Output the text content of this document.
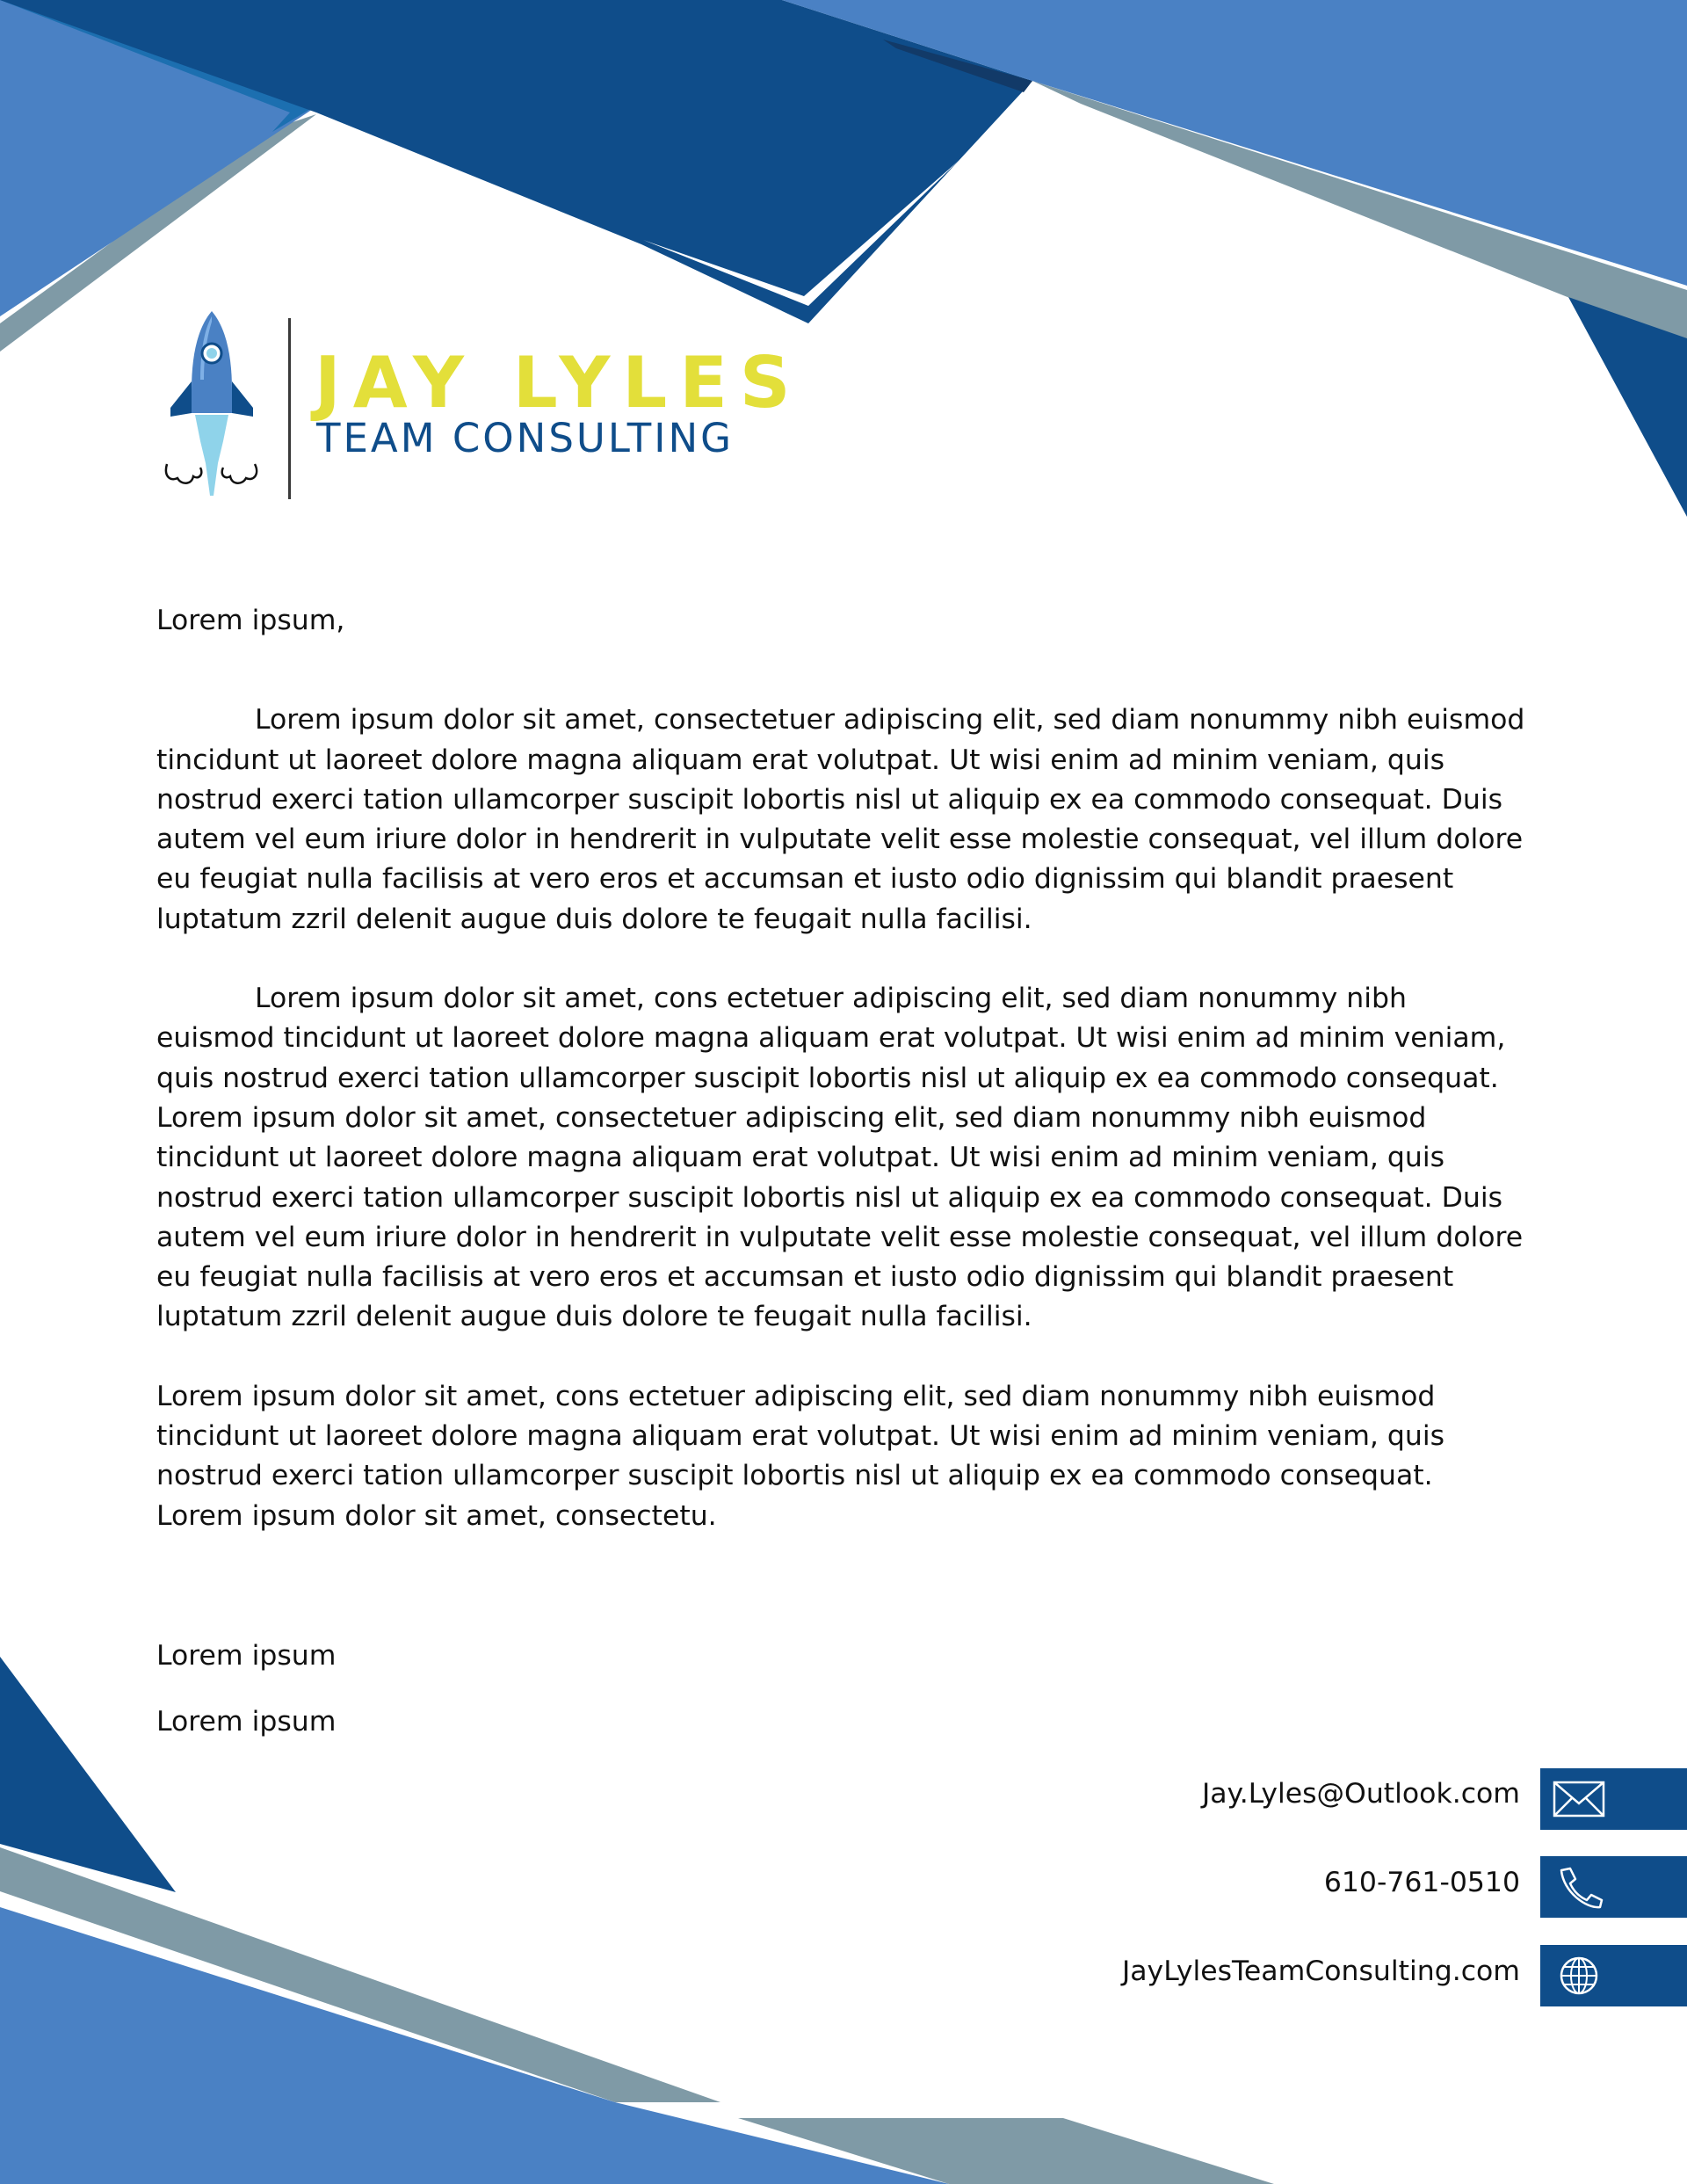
JAY LYLES
TEAM CONSULTING

Lorem ipsum,

Lorem ipsum dolor sit amet, consectetuer adipiscing elit, sed diam nonummy nibh euismod tincidunt ut laoreet dolore magna aliquam erat volutpat. Ut wisi enim ad minim veniam, quis nostrud exerci tation ullamcorper suscipit lobortis nisl ut aliquip ex ea commodo consequat. Duis autem vel eum iriure dolor in hendrerit in vulputate velit esse molestie consequat, vel illum dolore eu feugiat nulla facilisis at vero eros et accumsan et iusto odio dignissim qui blandit praesent luptatum zzril delenit augue duis dolore te feugait nulla facilisi.

Lorem ipsum dolor sit amet, cons ectetuer adipiscing elit, sed diam nonummy nibh euismod tincidunt ut laoreet dolore magna aliquam erat volutpat. Ut wisi enim ad minim veniam, quis nostrud exerci tation ullamcorper suscipit lobortis nisl ut aliquip ex ea commodo consequat. Lorem ipsum dolor sit amet, consectetuer adipiscing elit, sed diam nonummy nibh euismod tincidunt ut laoreet dolore magna aliquam erat volutpat. Ut wisi enim ad minim veniam, quis nostrud exerci tation ullamcorper suscipit lobortis nisl ut aliquip ex ea commodo consequat. Duis autem vel eum iriure dolor in hendrerit in vulputate velit esse molestie consequat, vel illum dolore eu feugiat nulla facilisis at vero eros et accumsan et iusto odio dignissim qui blandit praesent luptatum zzril delenit augue duis dolore te feugait nulla facilisi.

Lorem ipsum dolor sit amet, cons ectetuer adipiscing elit, sed diam nonummy nibh euismod tincidunt ut laoreet dolore magna aliquam erat volutpat. Ut wisi enim ad minim veniam, quis nostrud exerci tation ullamcorper suscipit lobortis nisl ut aliquip ex ea commodo consequat. Lorem ipsum dolor sit amet, consectetu.

Lorem ipsum
Lorem ipsum
Jay.Lyles@Outlook.com
610-761-0510
JayLylesTeamConsulting.com
